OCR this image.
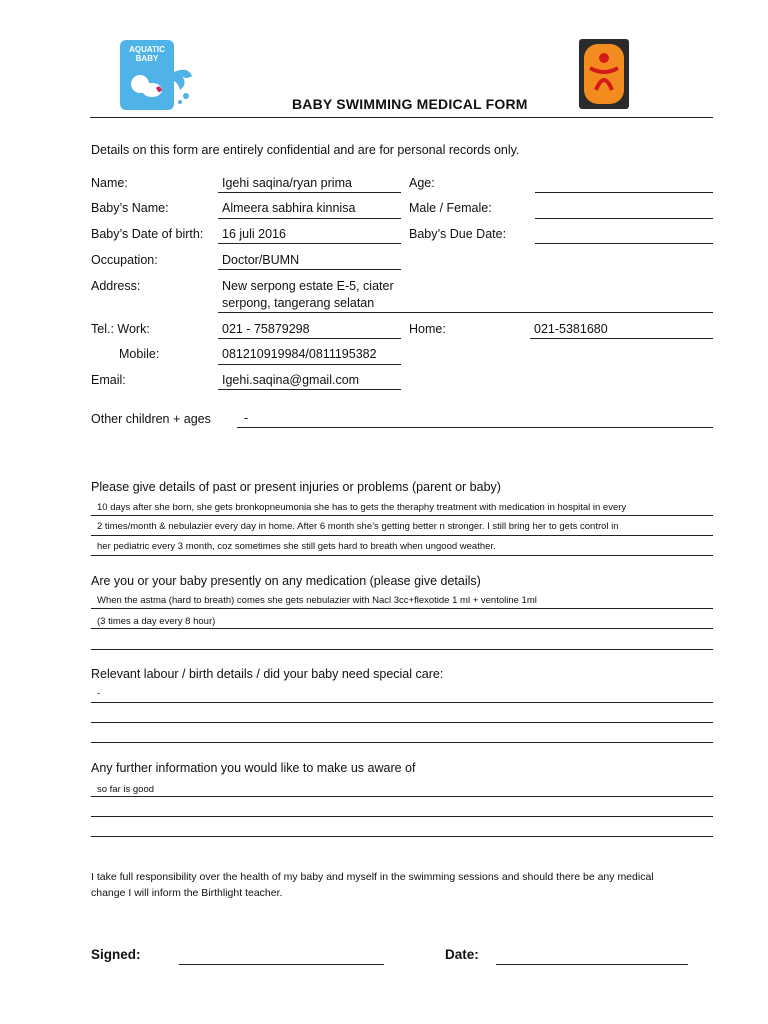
AQUATIC
BABY
BABY SWIMMING MEDICAL FORM
Details on this form are entirely confidential and are for personal records only.
Name:	Igehi saqina/ryan prima	Age:
Baby’s Name:	Almeera sabhira kinnisa	Male / Female:
Baby’s Date of birth: 16 juli 2016	Baby’s Due Date:
Occupation:	Doctor/BUMN
Address:	New serpong estate E-5, ciater
serpong, tangerang selatan
Tel.: Work:	021 - 75879298	Home:	021-5381680
Mobile:	081210919984/0811195382
Email:	Igehi.saqina@gmail.com
Other children + ages	-
Please give details of past or present injuries or problems (parent or baby)
10 days after she born, she gets bronkopneumonia she has to gets the theraphy treatment with medication in hospital in every
2 times/month & nebulazier every day in home. After 6 month she’s getting better n stronger. I still bring her to gets control in
her pediatric every 3 month, coz sometimes she still gets hard to breath when ungood weather.
Are you or your baby presently on any medication (please give details)
When the astma (hard to breath) comes she gets nebulazier with Nacl 3cc+flexotide 1 ml + ventoline 1ml
(3 times a day every 8 hour)
Relevant labour / birth details / did your baby need special care:
-
Any further information you would like to make us aware of
so far is good
I take full responsibility over the health of my baby and myself in the swimming sessions and should there be any medical
change I will inform the Birthlight teacher.
Signed:	Date:
